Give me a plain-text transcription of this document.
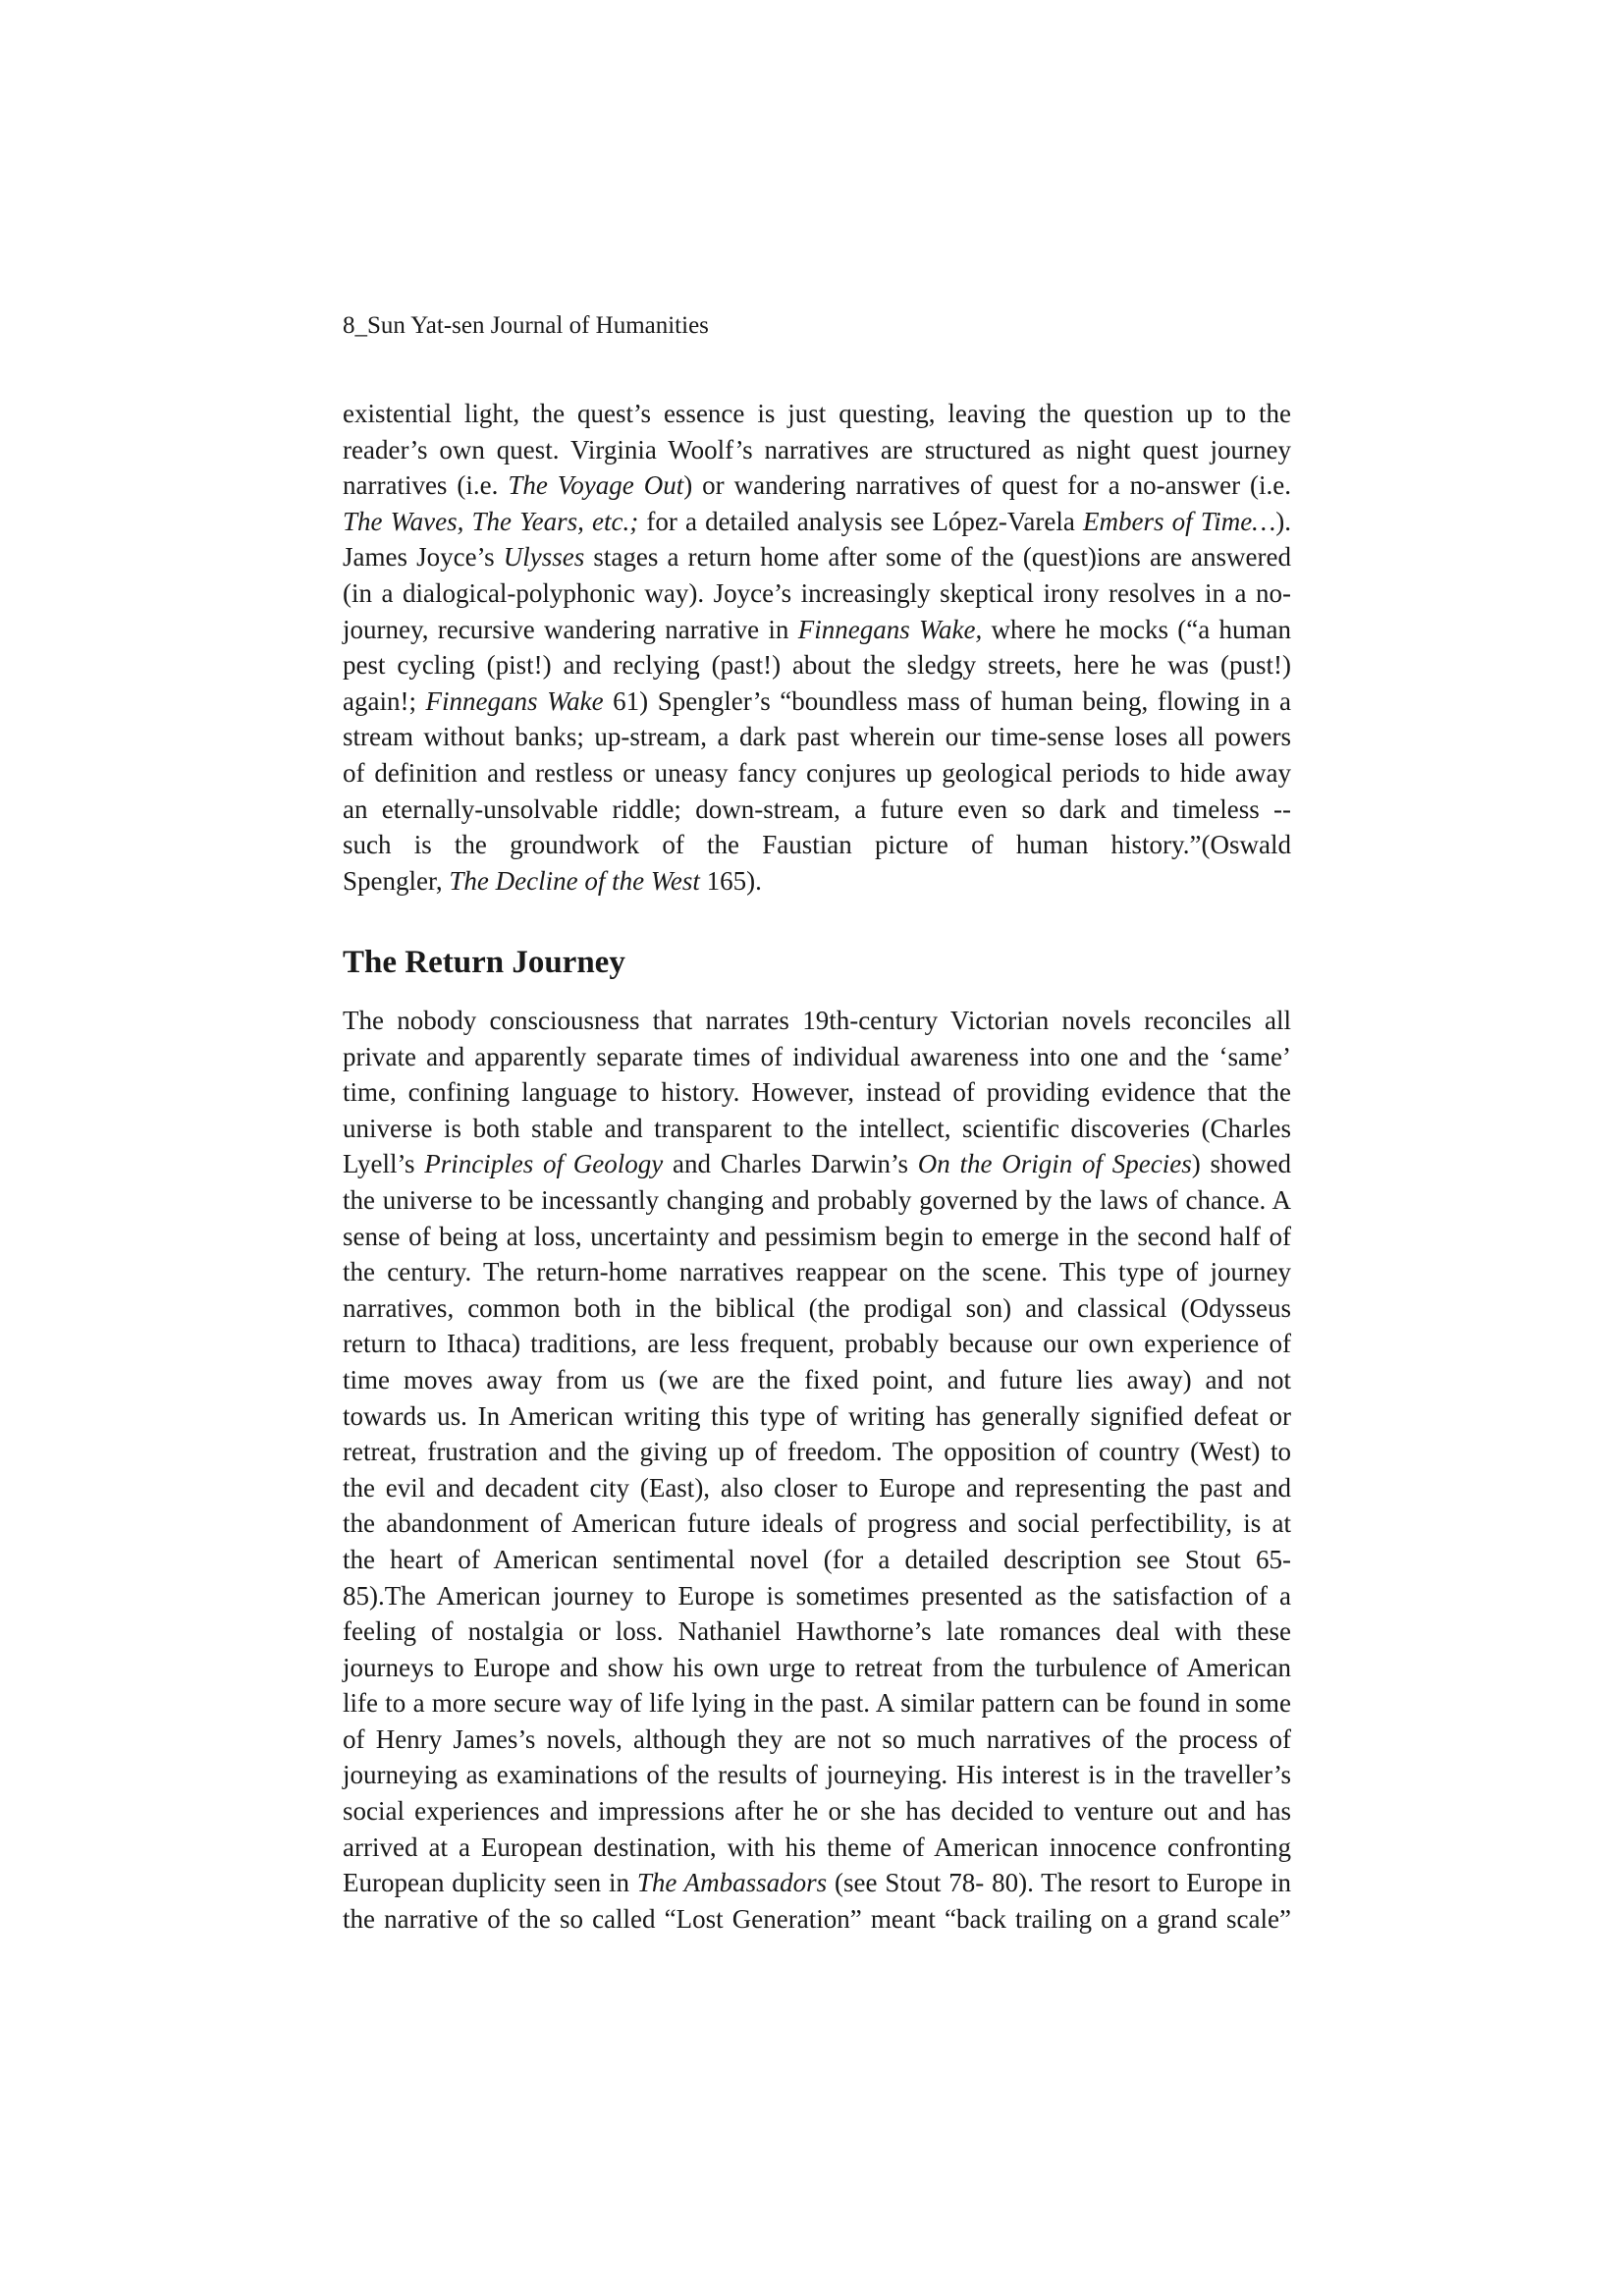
8_Sun Yat-sen Journal of Humanities
existential light, the quest’s essence is just questing, leaving the question up to the
reader’s own quest. Virginia Woolf’s narratives are structured as night quest journey
narratives (i.e. The Voyage Out) or wandering narratives of quest for a no-answer (i.e.
The Waves, The Years, etc.; for a detailed analysis see López-Varela Embers of Time…).
James Joyce’s Ulysses stages a return home after some of the (quest)ions are answered
(in a dialogical-polyphonic way). Joyce’s increasingly skeptical irony resolves in a no-
journey, recursive wandering narrative in Finnegans Wake, where he mocks (“a human
pest cycling (pist!) and reclying (past!) about the sledgy streets, here he was (pust!)
again!; Finnegans Wake 61) Spengler’s “boundless mass of human being, flowing in a
stream without banks; up-stream, a dark past wherein our time-sense loses all powers
of definition and restless or uneasy fancy conjures up geological periods to hide away
an eternally-unsolvable riddle; down-stream, a future even so dark and timeless --
such is the groundwork of the Faustian picture of human history.”(Oswald
Spengler, The Decline of the West 165).
The Return Journey
The nobody consciousness that narrates 19th-century Victorian novels reconciles all
private and apparently separate times of individual awareness into one and the ‘same’
time, confining language to history. However, instead of providing evidence that the
universe is both stable and transparent to the intellect, scientific discoveries (Charles
Lyell’s Principles of Geology and Charles Darwin’s On the Origin of Species) showed
the universe to be incessantly changing and probably governed by the laws of chance. A
sense of being at loss, uncertainty and pessimism begin to emerge in the second half of
the century. The return-home narratives reappear on the scene. This type of journey
narratives, common both in the biblical (the prodigal son) and classical (Odysseus
return to Ithaca) traditions, are less frequent, probably because our own experience of
time moves away from us (we are the fixed point, and future lies away) and not
towards us. In American writing this type of writing has generally signified defeat or
retreat, frustration and the giving up of freedom. The opposition of country (West) to
the evil and decadent city (East), also closer to Europe and representing the past and
the abandonment of American future ideals of progress and social perfectibility, is at
the heart of American sentimental novel (for a detailed description see Stout 65-
85).The American journey to Europe is sometimes presented as the satisfaction of a
feeling of nostalgia or loss. Nathaniel Hawthorne’s late romances deal with these
journeys to Europe and show his own urge to retreat from the turbulence of American
life to a more secure way of life lying in the past. A similar pattern can be found in some
of Henry James’s novels, although they are not so much narratives of the process of
journeying as examinations of the results of journeying. His interest is in the traveller’s
social experiences and impressions after he or she has decided to venture out and has
arrived at a European destination, with his theme of American innocence confronting
European duplicity seen in The Ambassadors (see Stout 78- 80). The resort to Europe in
the narrative of the so called “Lost Generation” meant “back trailing on a grand scale”
